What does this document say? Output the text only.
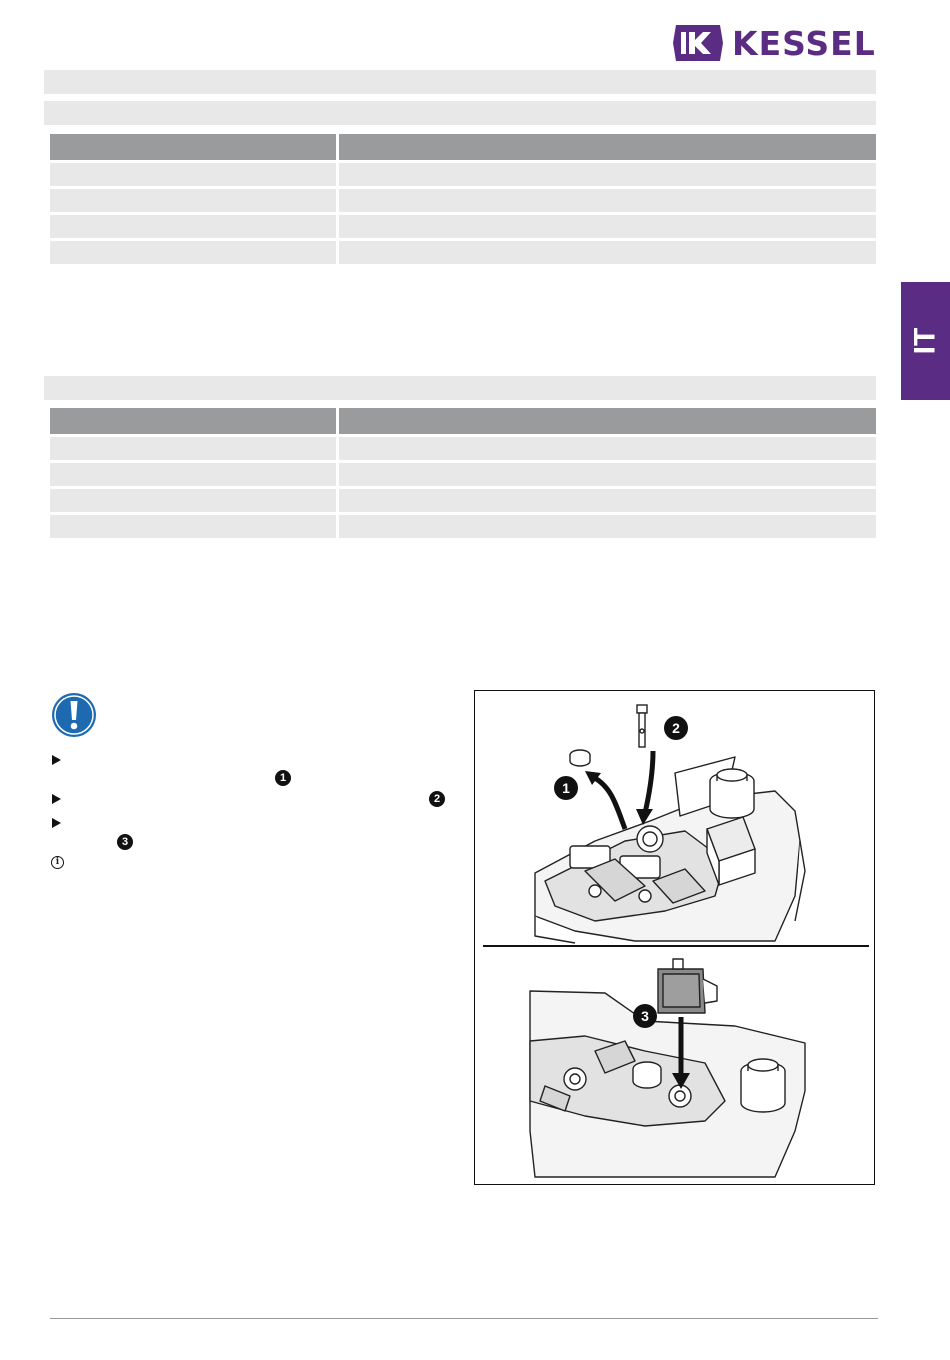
KESSEL

IT

1
2
3
i
1
2
3
